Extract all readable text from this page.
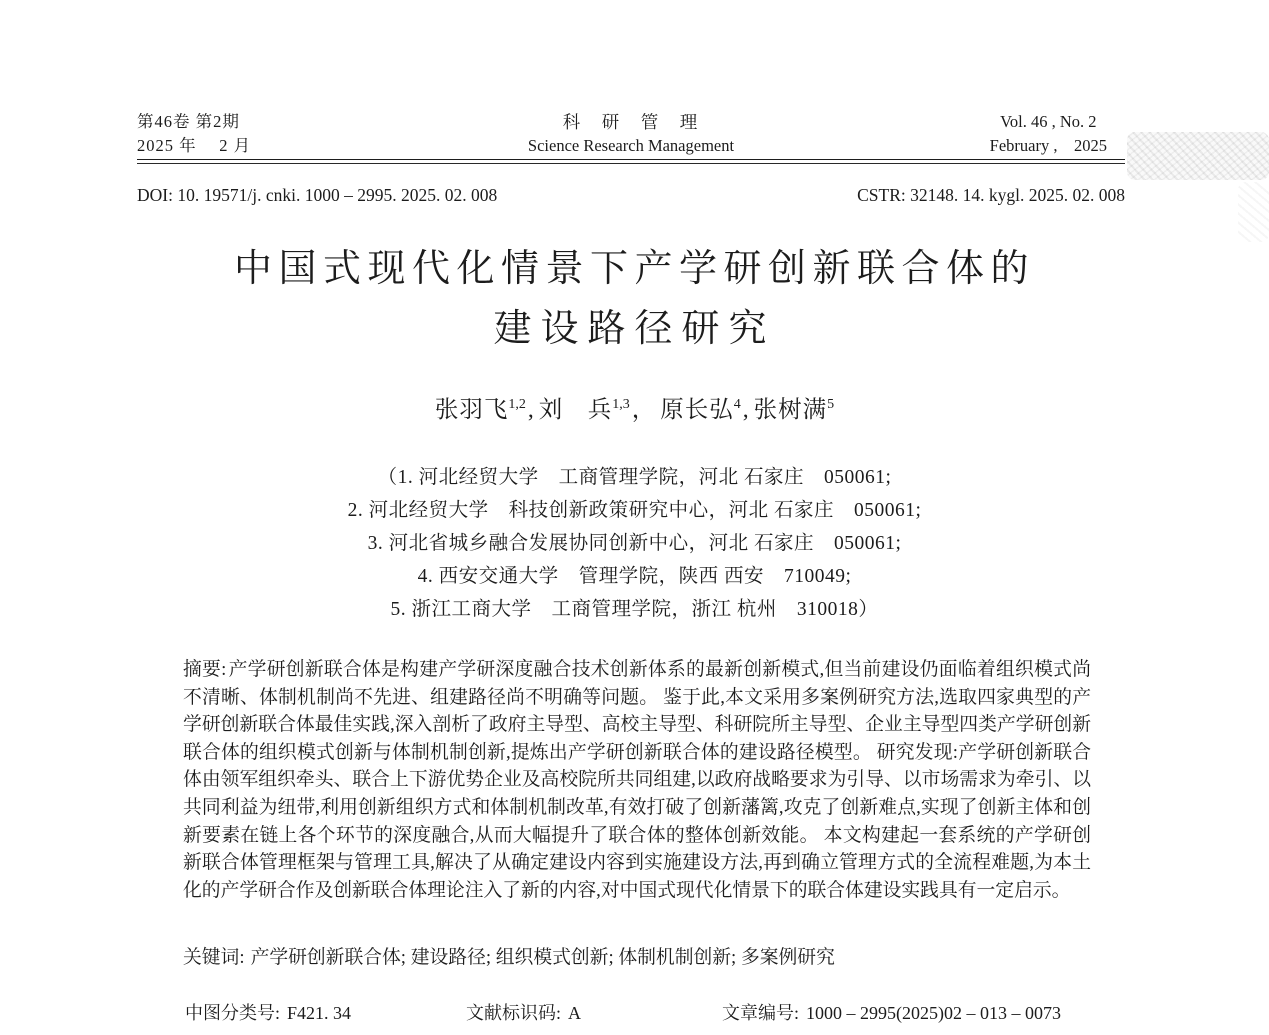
第46卷 第2期
2025 年　 2 月
科　研　管　理
Science Research Management
Vol. 46 , No. 2
February ,　2025
DOI: 10. 19571/j. cnki. 1000 – 2995. 2025. 02. 008	CSTR: 32148. 14. kygl. 2025. 02. 008
中国式现代化情景下产学研创新联合体的
建设路径研究
张羽飞$^{1,2}$, 刘　兵$^{1,3}$， 原长弘$^4$, 张树满$^5$
（1. 河北经贸大学　工商管理学院，河北 石家庄　050061;
2. 河北经贸大学　科技创新政策研究中心，河北 石家庄　050061;
3. 河北省城乡融合发展协同创新中心，河北 石家庄　050061;
4. 西安交通大学　管理学院，陕西 西安　710049;
5. 浙江工商大学　工商管理学院，浙江 杭州　310018）
摘要: 产学研创新联合体是构建产学研深度融合技术创新体系的最新创新模式,但当前建设仍面临着组织模式尚不清晰、体制机制尚不先进、组建路径尚不明确等问题。 鉴于此,本文采用多案例研究方法,选取四家典型的产学研创新联合体最佳实践,深入剖析了政府主导型、高校主导型、科研院所主导型、企业主导型四类产学研创新联合体的组织模式创新与体制机制创新,提炼出产学研创新联合体的建设路径模型。 研究发现:产学研创新联合体由领军组织牵头、联合上下游优势企业及高校院所共同组建,以政府战略要求为引导、以市场需求为牵引、以共同利益为纽带,利用创新组织方式和体制机制改革,有效打破了创新藩篱,攻克了创新难点,实现了创新主体和创新要素在链上各个环节的深度融合,从而大幅提升了联合体的整体创新效能。 本文构建起一套系统的产学研创新联合体管理框架与管理工具,解决了从确定建设内容到实施建设方法,再到确立管理方式的全流程难题,为本土化的产学研合作及创新联合体理论注入了新的内容,对中国式现代化情景下的联合体建设实践具有一定启示。
关键词: 产学研创新联合体; 建设路径; 组织模式创新; 体制机制创新; 多案例研究
中图分类号: F421. 34	文献标识码: A	文章编号: 1000 – 2995(2025)02 – 013 – 0073
